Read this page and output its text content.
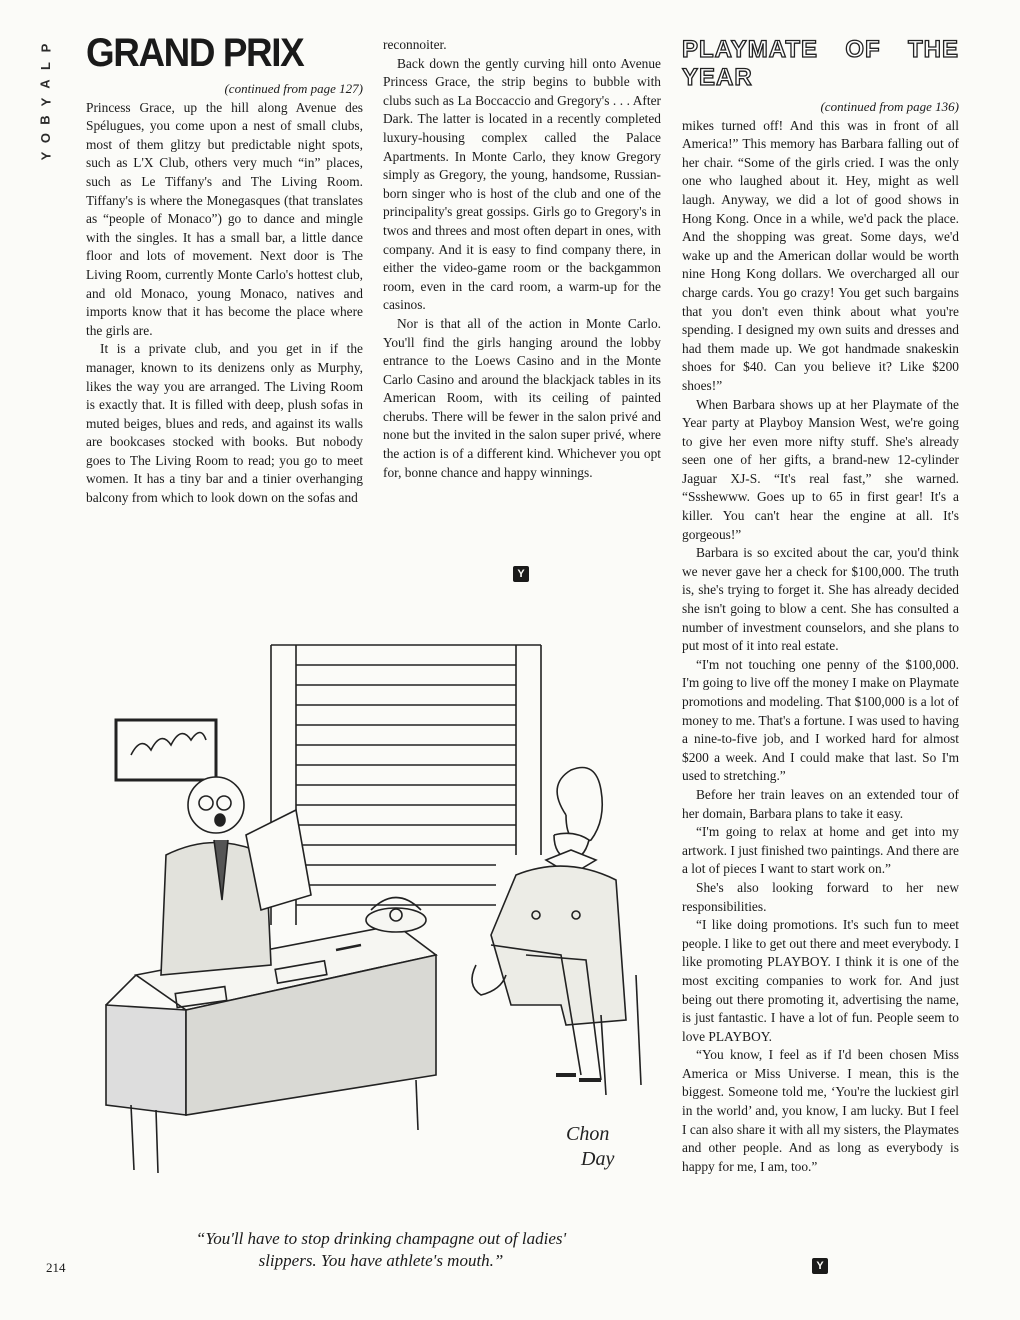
P
L
A
Y
B
O
Y
GRAND PRIX

(continued from page 127)

Princess Grace, up the hill along Avenue des Spélugues, you come upon a nest of small clubs, most of them glitzy but predictable night spots, such as L'X Club, others very much “in” places, such as Le Tiffany's and The Living Room. Tiffany's is where the Monegasques (that translates as “people of Monaco”) go to dance and mingle with the singles. It has a small bar, a little dance floor and lots of movement. Next door is The Living Room, currently Monte Carlo's hottest club, and old Monaco, young Monaco, natives and imports know that it has become the place where the girls are.

It is a private club, and you get in if the manager, known to its denizens only as Murphy, likes the way you are arranged. The Living Room is exactly that. It is filled with deep, plush sofas in muted beiges, blues and reds, and against its walls are bookcases stocked with books. But nobody goes to The Living Room to read; you go to meet women. It has a tiny bar and a tinier overhanging balcony from which to look down on the sofas and

reconnoiter.

Back down the gently curving hill onto Avenue Princess Grace, the strip begins to bubble with clubs such as La Boccaccio and Gregory's . . . After Dark. The latter is located in a recently completed luxury-housing complex called the Palace Apartments. In Monte Carlo, they know Gregory simply as Gregory, the young, handsome, Russian-born singer who is host of the club and one of the principality's great gossips. Girls go to Gregory's in twos and threes and most often depart in ones, with company. And it is easy to find company there, in either the video-game room or the backgammon room, even in the card room, a warm-up for the casinos.

Nor is that all of the action in Monte Carlo. You'll find the girls hanging around the lobby entrance to the Loews Casino and in the Monte Carlo Casino and around the blackjack tables in its American Room, with its ceiling of painted cherubs. There will be fewer in the salon privé and none but the invited in the salon super privé, where the action is of a different kind. Whichever you opt for, bonne chance and happy winnings.

Y
PLAYMATE OF THE YEAR

(continued from page 136)

mikes turned off! And this was in front of all America!” This memory has Barbara falling out of her chair. “Some of the girls cried. I was the only one who laughed about it. Hey, might as well laugh. Anyway, we did a lot of good shows in Hong Kong. Once in a while, we'd pack the place. And the shopping was great. Some days, we'd wake up and the American dollar would be worth nine Hong Kong dollars. We overcharged all our charge cards. You go crazy! You get such bargains that you don't even think about what you're spending. I designed my own suits and dresses and had them made up. We got handmade snakeskin shoes for $40. Can you believe it? Like $200 shoes!”

When Barbara shows up at her Playmate of the Year party at Playboy Mansion West, we're going to give her even more nifty stuff. She's already seen one of her gifts, a brand-new 12-cylinder Jaguar XJ-S. “It's real fast,” she warned. “Ssshewww. Goes up to 65 in first gear! It's a killer. You can't hear the engine at all. It's gorgeous!”

Barbara is so excited about the car, you'd think we never gave her a check for $100,000. The truth is, she's trying to forget it. She has already decided she isn't going to blow a cent. She has consulted a number of investment counselors, and she plans to put most of it into real estate.

“I'm not touching one penny of the $100,000. I'm going to live off the money I make on Playmate promotions and modeling. That $100,000 is a lot of money to me. That's a fortune. I was used to having a nine-to-five job, and I worked hard for almost $200 a week. And I could make that last. So I'm used to stretching.”

Before her train leaves on an extended tour of her domain, Barbara plans to take it easy.

“I'm going to relax at home and get into my artwork. I just finished two paintings. And there are a lot of pieces I want to start work on.”

She's also looking forward to her new responsibilities.

“I like doing promotions. It's such fun to meet people. I like to get out there and meet everybody. I like promoting PLAYBOY. I think it is one of the most exciting companies to work for. And just being out there promoting it, advertising the name, is just fantastic. I have a lot of fun. People seem to love PLAYBOY.

“You know, I feel as if I'd been chosen Miss America or Miss Universe. I mean, this is the biggest. Someone told me, ‘You're the luckiest girl in the world’ and, you know, I am lucky. But I feel I can also share it with all my sisters, the Playmates and other people. And as long as everybody is happy for me, I am, too.”

Y
Chon
Day
“You'll have to stop drinking champagne out of ladies'
slippers. You have athlete's mouth.”
214
